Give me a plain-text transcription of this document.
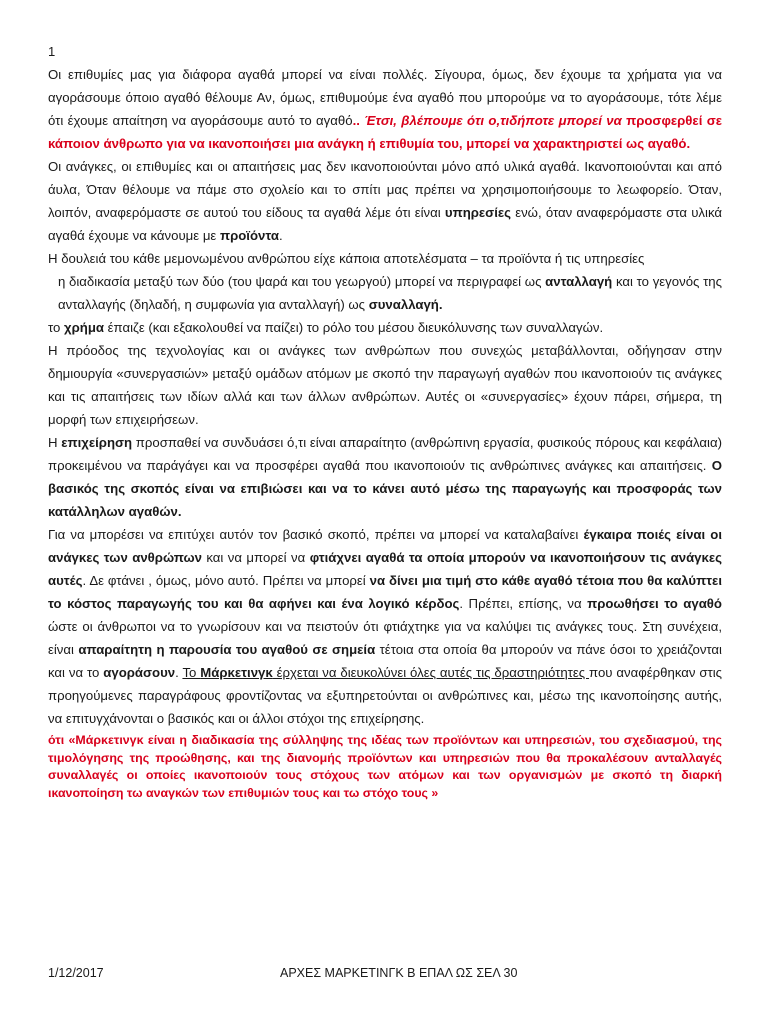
1

Οι επιθυμίες μας για διάφορα αγαθά μπορεί να είναι πολλές. Σίγουρα, όμως, δεν έχουμε τα χρήματα για να αγοράσουμε όποιο αγαθό θέλουμε Αν, όμως, επιθυμούμε ένα αγαθό που μπορούμε να το αγοράσουμε, τότε λέμε ότι έχουμε απαίτηση να αγοράσουμε αυτό το αγαθό.. Έτσι, βλέπουμε ότι ο,τιδήποτε μπορεί να προσφερθεί σε κάποιον άνθρωπο για να ικανοποιήσει μια ανάγκη ή επιθυμία του, μπορεί να χαρακτηριστεί ως αγαθό.

Οι ανάγκες, οι επιθυμίες και οι απαιτήσεις μας δεν ικανοποιούνται μόνο από υλικά αγαθά. Ικανοποιούνται και από άυλα, Όταν θέλουμε να πάμε στο σχολείο και το σπίτι μας πρέπει να χρησιμοποιήσουμε το λεωφορείο. Όταν, λοιπόν, αναφερόμαστε σε αυτού του είδους τα αγαθά λέμε ότι είναι υπηρεσίες ενώ, όταν αναφερόμαστε στα υλικά αγαθά έχουμε να κάνουμε με προϊόντα.

Η δουλειά του κάθε μεμονωμένου ανθρώπου είχε κάποια αποτελέσματα – τα προϊόντα ή τις υπηρεσίες

η διαδικασία μεταξύ των δύο (του ψαρά και του γεωργού) μπορεί να περιγραφεί ως ανταλλαγή και το γεγονός της ανταλλαγής (δηλαδή, η συμφωνία για ανταλλαγή) ως συναλλαγή.

το χρήμα έπαιζε (και εξακολουθεί να παίζει) το ρόλο του μέσου διευκόλυνσης των συναλλαγών.

Η πρόοδος της τεχνολογίας και οι ανάγκες των ανθρώπων που συνεχώς μεταβάλλονται, οδήγησαν στην δημιουργία «συνεργασιών» μεταξύ ομάδων ατόμων με σκοπό την παραγωγή αγαθών που ικανοποιούν τις ανάγκες και τις απαιτήσεις των ιδίων αλλά και των άλλων ανθρώπων. Αυτές οι «συνεργασίες» έχουν πάρει, σήμερα, τη μορφή των επιχειρήσεων.

Η επιχείρηση προσπαθεί να συνδυάσει ό,τι είναι απαραίτητο (ανθρώπινη εργασία, φυσικούς πόρους και κεφάλαια) προκειμένου να παράγάγει και να προσφέρει αγαθά που ικανοποιούν τις ανθρώπινες ανάγκες και απαιτήσεις. Ο βασικός της σκοπός είναι να επιβιώσει και να το κάνει αυτό μέσω της παραγωγής και προσφοράς των κατάλληλων αγαθών.

Για να μπορέσει να επιτύχει αυτόν τον βασικό σκοπό, πρέπει να μπορεί να καταλαβαίνει έγκαιρα ποιές είναι οι ανάγκες των ανθρώπων και να μπορεί να φτιάχνει αγαθά τα οποία μπορούν να ικανοποιήσουν τις ανάγκες αυτές. Δε φτάνει , όμως, μόνο αυτό. Πρέπει να μπορεί να δίνει μια τιμή στο κάθε αγαθό τέτοια που θα καλύπτει το κόστος παραγωγής του και θα αφήνει και ένα λογικό κέρδος. Πρέπει, επίσης, να προωθήσει το αγαθό ώστε οι άνθρωποι να το γνωρίσουν και να πειστούν ότι φτιάχτηκε για να καλύψει τις ανάγκες τους. Στη συνέχεια, είναι απαραίτητη η παρουσία του αγαθού σε σημεία τέτοια στα οποία θα μπορούν να πάνε όσοι το χρειάζονται και να το αγοράσουν. Το Μάρκετινγκ έρχεται να διευκολύνει όλες αυτές τις δραστηριότητες που αναφέρθηκαν στις προηγούμενες παραγράφους φροντίζοντας να εξυπηρετούνται οι ανθρώπινες και, μέσω της ικανοποίησης αυτής, να επιτυγχάνονται ο βασικός και οι άλλοι στόχοι της επιχείρησης.

ότι «Μάρκετινγκ είναι η διαδικασία της σύλληψης της ιδέας των προϊόντων και υπηρεσιών, του σχεδιασμού, της τιμολόγησης της προώθησης, και της διανομής προϊόντων και υπηρεσιών που θα προκαλέσουν ανταλλαγές συναλλαγές οι οποίες ικανοποιούν τους στόχους των ατόμων και των οργανισμών με σκοπό τη διαρκή ικανοποίηση τω αναγκών των επιθυμιών τους και τω στόχο τους »

1/12/2017	ΑΡΧΕΣ ΜΑΡΚΕΤΙΝΓΚ Β ΕΠΑΛ ΩΣ ΣΕΛ 30
